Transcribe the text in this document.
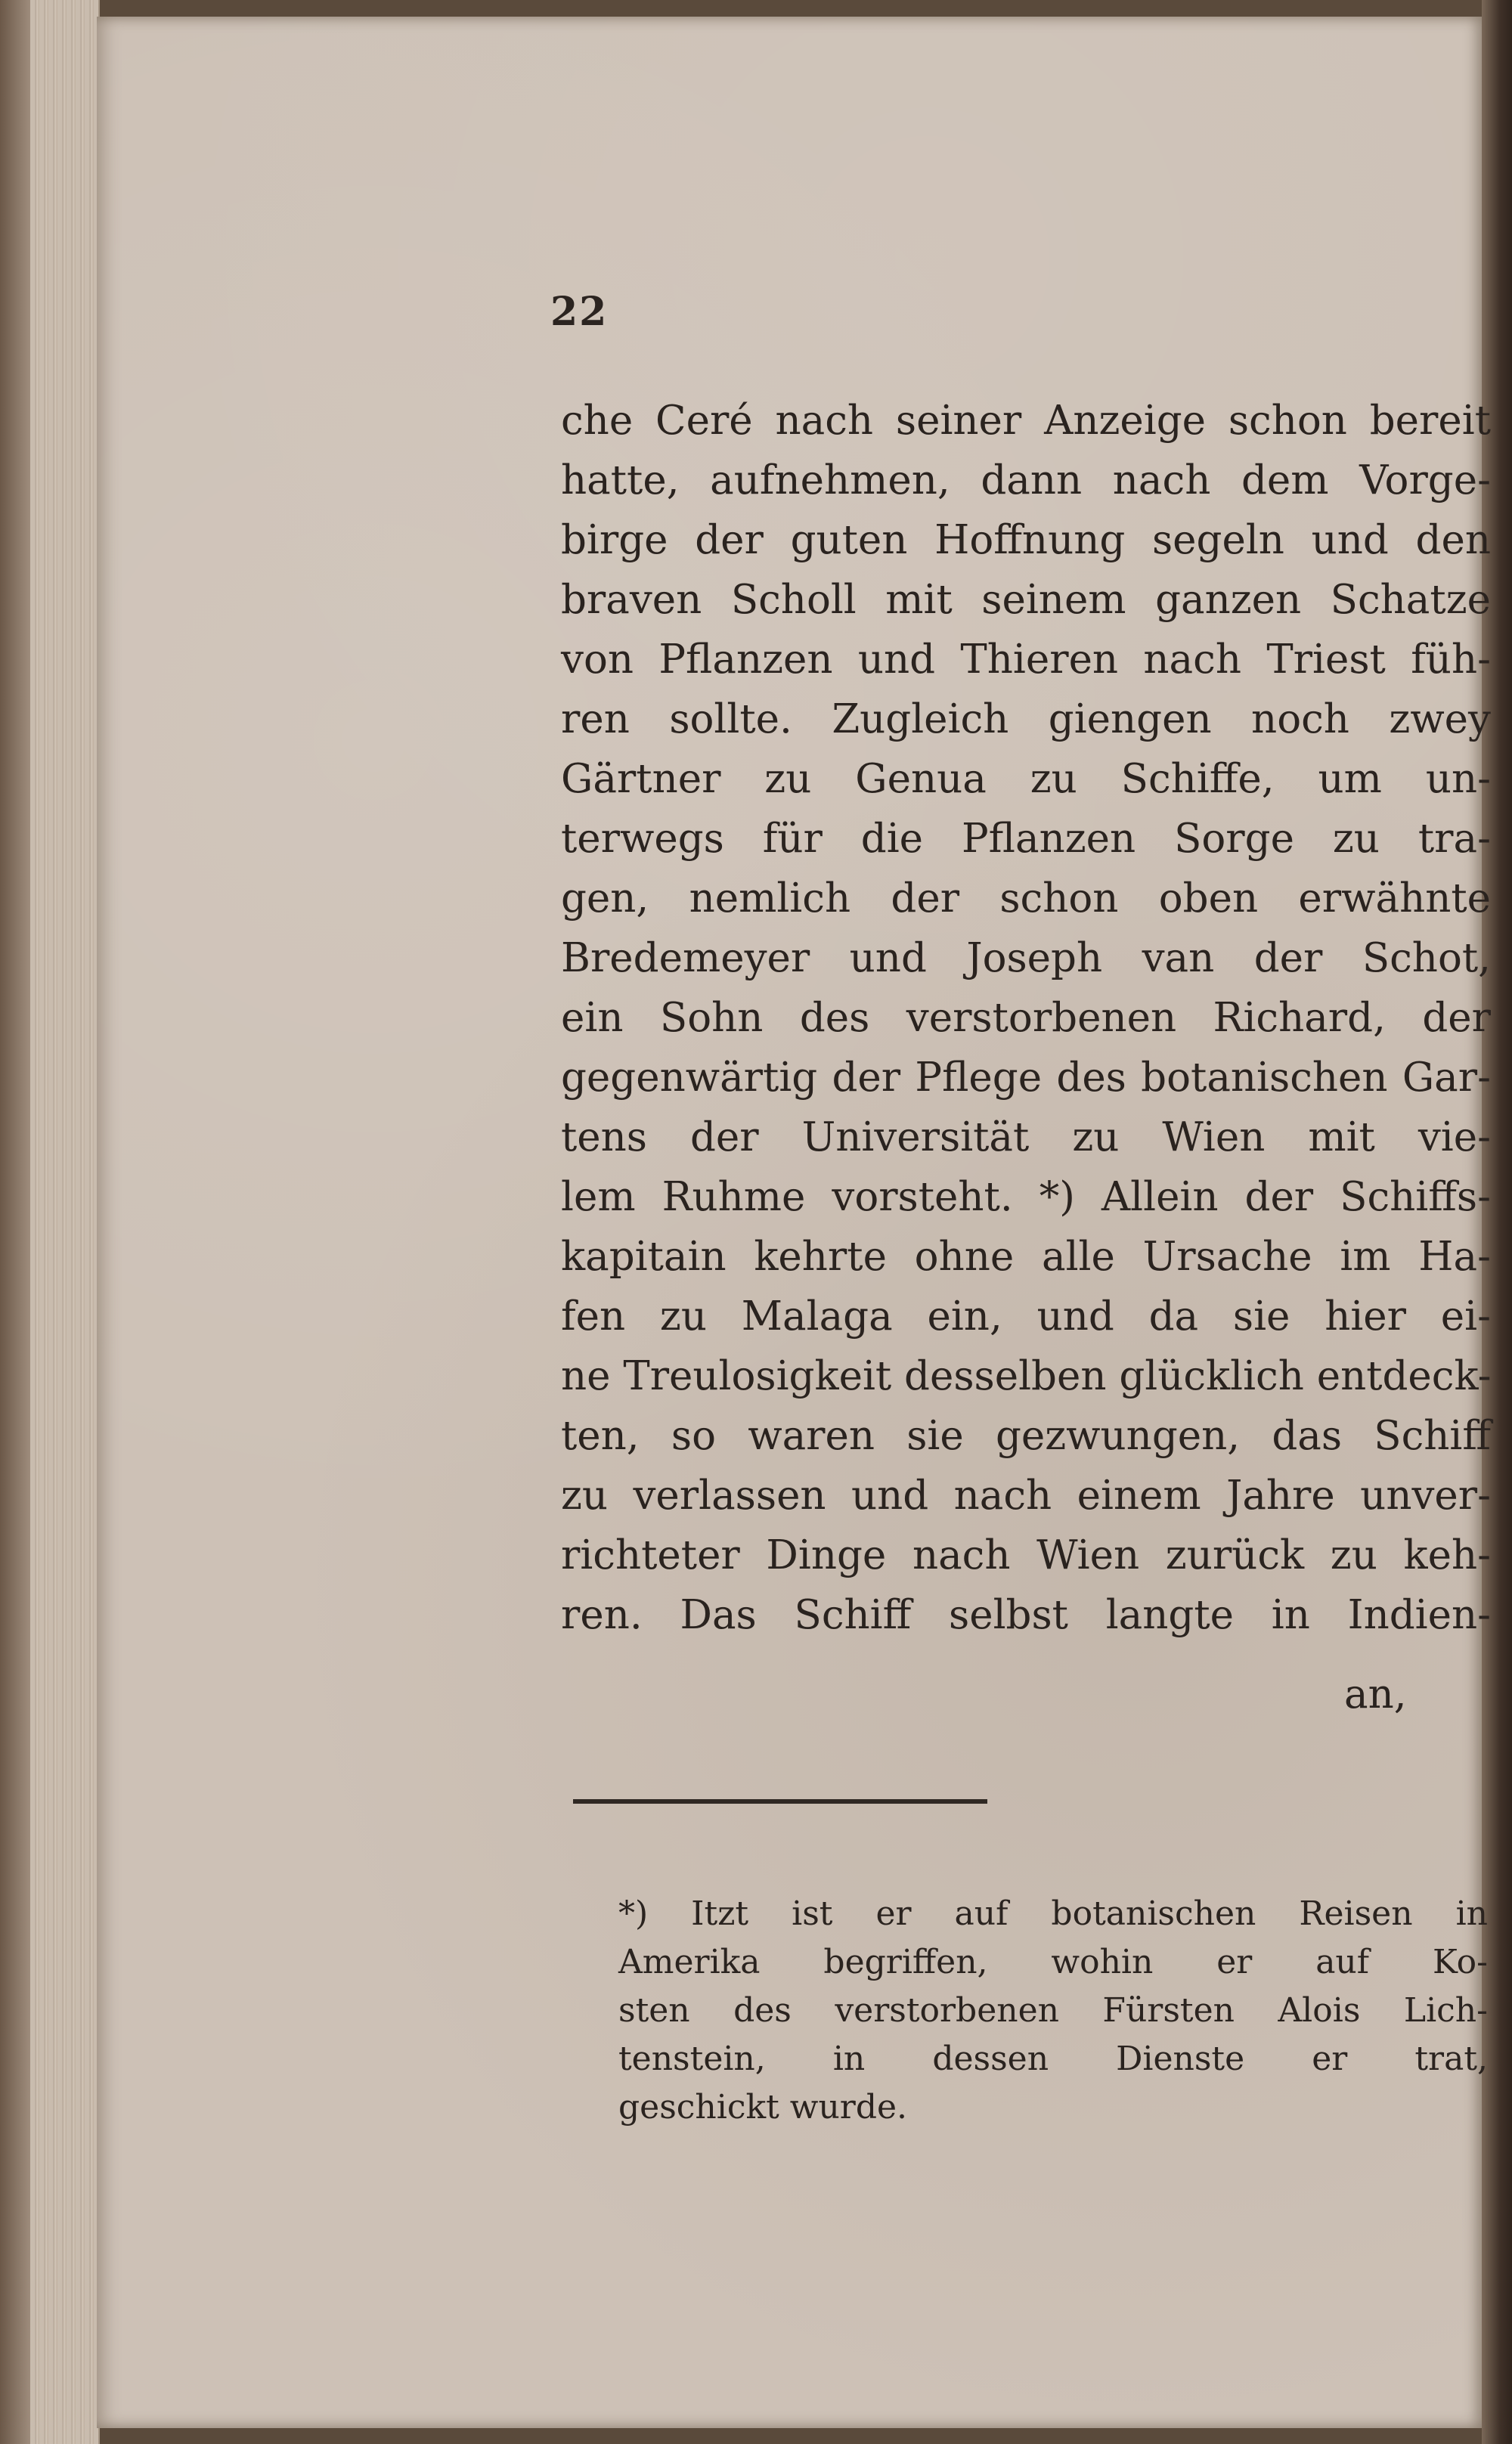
22
che Ceré nach seiner Anzeige schon bereit
hatte, aufnehmen, dann nach dem Vorge-
birge der guten Hoffnung segeln und den
braven Scholl mit seinem ganzen Schatze
von Pflanzen und Thieren nach Triest füh-
ren sollte. Zugleich giengen noch zwey
Gärtner zu Genua zu Schiffe, um un-
terwegs für die Pflanzen Sorge zu tra-
gen, nemlich der schon oben erwähnte
Bredemeyer und Joseph van der Schot,
ein Sohn des verstorbenen Richard, der
gegenwärtig der Pflege des botanischen Gar-
tens der Universität zu Wien mit vie-
lem Ruhme vorsteht. *) Allein der Schiffs-
kapitain kehrte ohne alle Ursache im Ha-
fen zu Malaga ein, und da sie hier ei-
ne Treulosigkeit desselben glücklich entdeck-
ten, so waren sie gezwungen, das Schiff
zu verlassen und nach einem Jahre unver-
richteter Dinge nach Wien zurück zu keh-
ren. Das Schiff selbst langte in Indien-
an,
*) Itzt ist er auf botanischen Reisen in
Amerika begriffen, wohin er auf Ko-
sten des verstorbenen Fürsten Alois Lich-
tenstein, in dessen Dienste er trat,
geschickt wurde.
